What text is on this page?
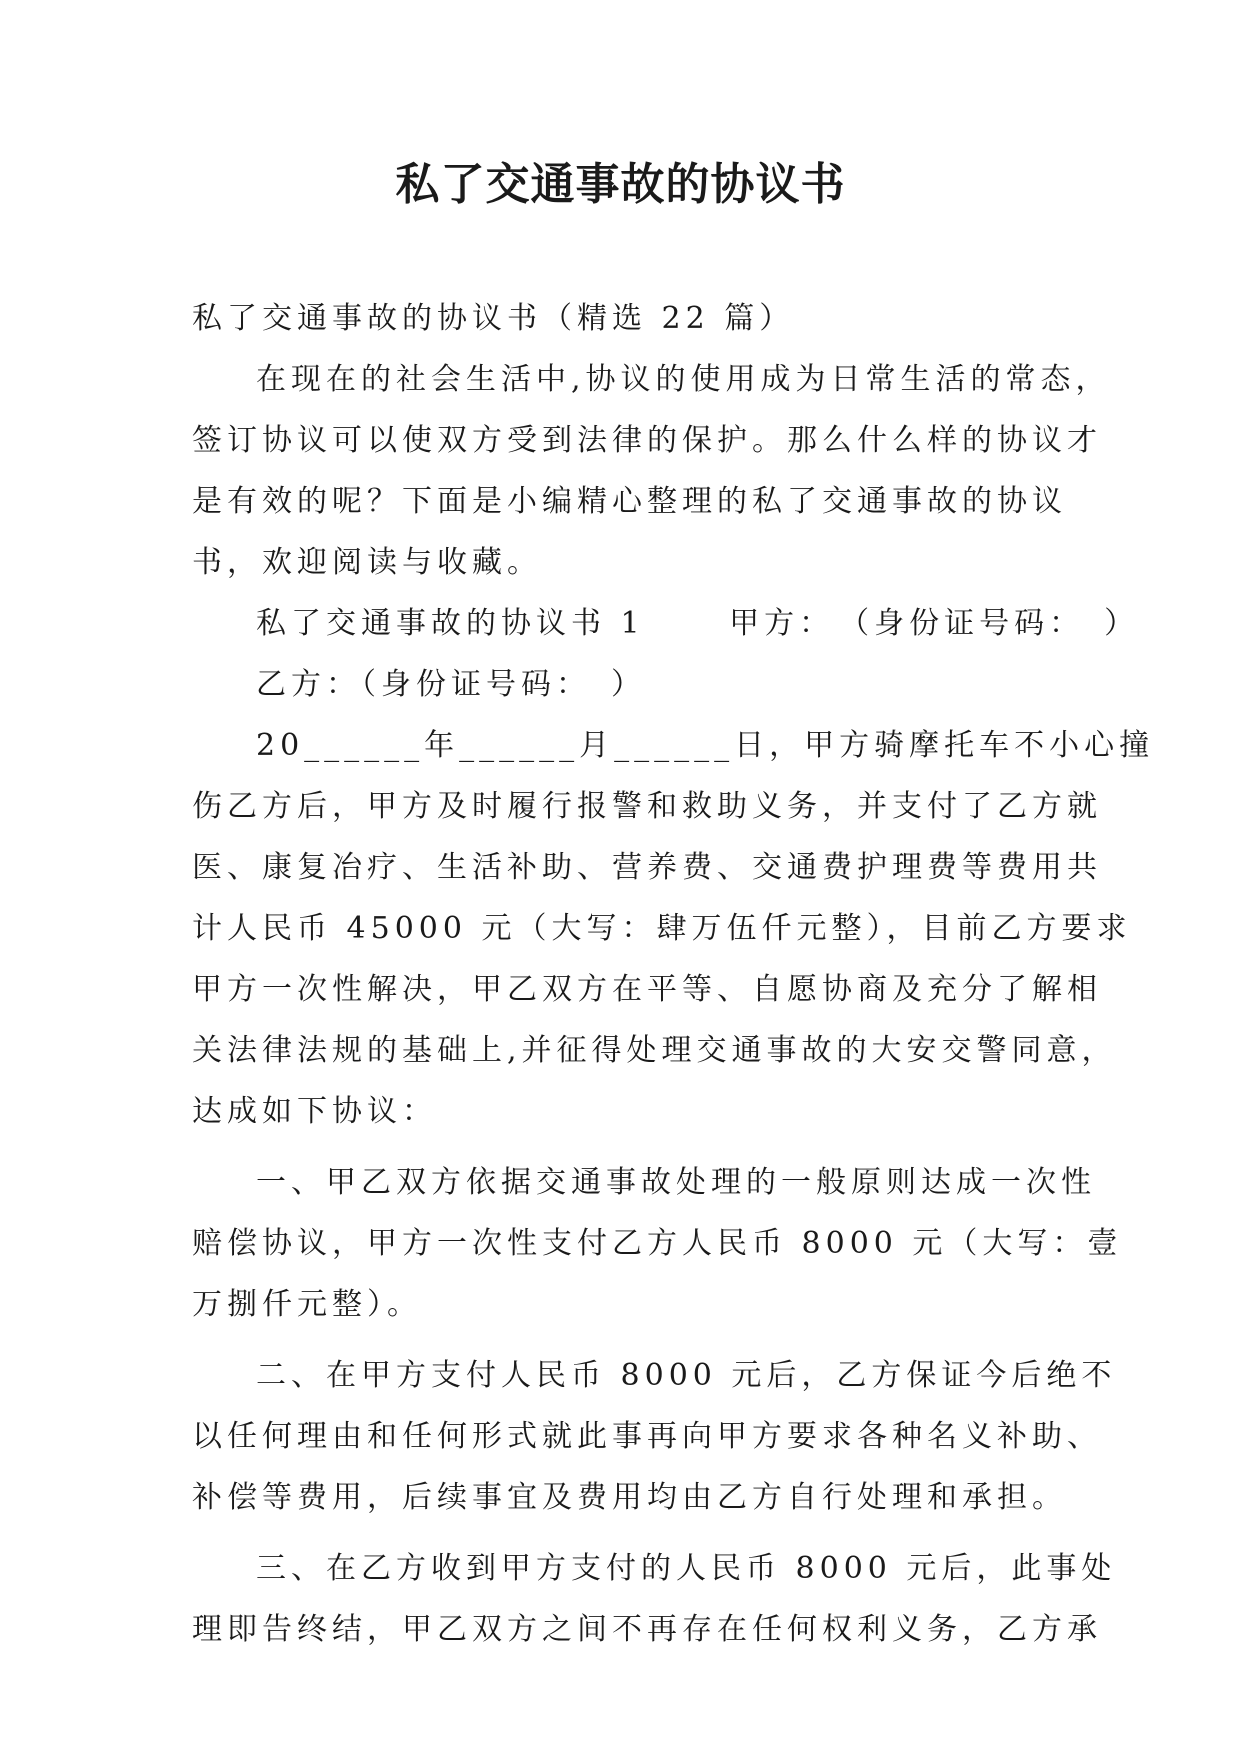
私了交通事故的协议书
私了交通事故的协议书（精选 22 篇）
在现在的社会生活中,协议的使用成为日常生活的常态，
签订协议可以使双方受到法律的保护。那么什么样的协议才
是有效的呢？下面是小编精心整理的私了交通事故的协议
书，欢迎阅读与收藏。
私了交通事故的协议书 1　　 甲方：　（身份证号码：　）
乙方：（身份证号码：　）
20______年______月______日，甲方骑摩托车不小心撞
伤乙方后，甲方及时履行报警和救助义务，并支付了乙方就
医、康复冶疗、生活补助、营养费、交通费护理费等费用共
计人民币 45000 元（大写：肆万伍仟元整），目前乙方要求
甲方一次性解决，甲乙双方在平等、自愿协商及充分了解相
关法律法规的基础上,并征得处理交通事故的大安交警同意，
达成如下协议：
一、甲乙双方依据交通事故处理的一般原则达成一次性
赔偿协议，甲方一次性支付乙方人民币 8000 元（大写：壹
万捌仟元整）。
二、在甲方支付人民币 8000 元后，乙方保证今后绝不
以任何理由和任何形式就此事再向甲方要求各种名义补助、
补偿等费用，后续事宜及费用均由乙方自行处理和承担。
三、在乙方收到甲方支付的人民币 8000 元后，此事处
理即告终结，甲乙双方之间不再存在任何权利义务，乙方承
